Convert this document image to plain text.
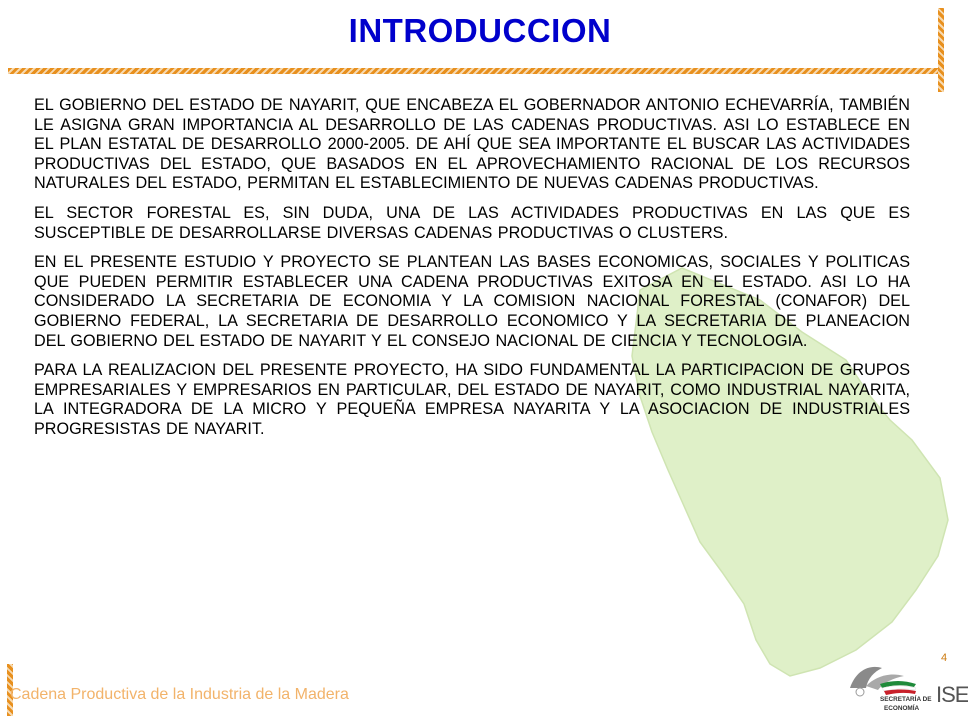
INTRODUCCION

EL GOBIERNO DEL ESTADO DE NAYARIT, QUE ENCABEZA EL GOBERNADOR ANTONIO ECHEVARRÍA, TAMBIÉN LE ASIGNA GRAN IMPORTANCIA AL DESARROLLO DE LAS CADENAS PRODUCTIVAS. ASI LO ESTABLECE EN EL PLAN ESTATAL DE DESARROLLO 2000-2005. DE AHÍ QUE SEA IMPORTANTE EL BUSCAR LAS ACTIVIDADES PRODUCTIVAS DEL ESTADO, QUE BASADOS EN EL APROVECHAMIENTO RACIONAL DE LOS RECURSOS NATURALES DEL ESTADO, PERMITAN EL ESTABLECIMIENTO DE NUEVAS CADENAS PRODUCTIVAS.

EL SECTOR FORESTAL ES, SIN DUDA, UNA DE LAS ACTIVIDADES PRODUCTIVAS EN LAS QUE ES SUSCEPTIBLE DE DESARROLLARSE DIVERSAS CADENAS PRODUCTIVAS O CLUSTERS.

EN EL PRESENTE ESTUDIO Y PROYECTO SE PLANTEAN LAS BASES ECONOMICAS, SOCIALES Y POLITICAS QUE PUEDEN PERMITIR ESTABLECER UNA CADENA PRODUCTIVAS EXITOSA EN EL ESTADO. ASI LO HA CONSIDERADO LA SECRETARIA DE ECONOMIA Y LA COMISION NACIONAL FORESTAL (CONAFOR) DEL GOBIERNO FEDERAL, LA SECRETARIA DE DESARROLLO ECONOMICO Y LA SECRETARIA DE PLANEACION DEL GOBIERNO DEL ESTADO DE NAYARIT Y EL CONSEJO NACIONAL DE CIENCIA Y TECNOLOGIA.

PARA LA REALIZACION DEL PRESENTE PROYECTO, HA SIDO FUNDAMENTAL LA PARTICIPACION DE GRUPOS EMPRESARIALES Y EMPRESARIOS EN PARTICULAR, DEL ESTADO DE NAYARIT, COMO INDUSTRIAL NAYARITA, LA INTEGRADORA DE LA MICRO Y PEQUEÑA EMPRESA NAYARITA Y LA ASOCIACION DE INDUSTRIALES PROGRESISTAS DE NAYARIT.

4
Cadena Productiva de la Industria de la Madera	SECRETARÍA DE
ECONOMÍA
ISE
